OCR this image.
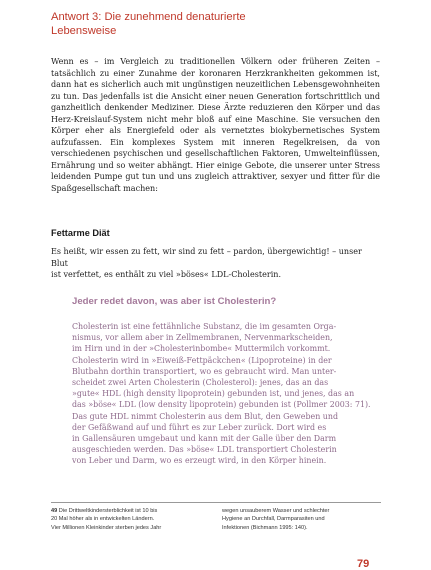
Antwort 3: Die zunehmend denaturierte
Lebensweise

Wenn es – im Vergleich zu traditionellen Völkern oder früheren Zeiten – tatsächlich zu einer Zunahme der koronaren Herzkrankheiten gekommen ist, dann hat es sicherlich auch mit ungünstigen neuzeitlichen Lebensgewohnheiten zu tun. Das jedenfalls ist die Ansicht einer neuen Generation fortschrittlich und ganzheitlich denkender Mediziner. Diese Ärzte reduzieren den Körper und das Herz-Kreislauf-System nicht mehr bloß auf eine Maschine. Sie versuchen den Körper eher als Energiefeld oder als vernetztes biokybernetisches System aufzufassen. Ein komplexes System mit inneren Regelkreisen, da von verschiedenen psychischen und gesellschaftlichen Faktoren, Umwelteinflüssen, Ernährung und so weiter abhängt. Hier einige Gebote, die unserer unter Stress leidenden Pumpe gut tun und uns zugleich attraktiver, sexyer und fitter für die Spaßgesellschaft machen:

Fettarme Diät
Es heißt, wir essen zu fett, wir sind zu fett – pardon, übergewichtig! – unser Blut
ist verfettet, es enthält zu viel »böses« LDL-Cholesterin.
Jeder redet davon, was aber ist Cholesterin?
Cholesterin ist eine fettähnliche Substanz, die im gesamten Orga-
nismus, vor allem aber in Zellmembranen, Nervenmarkscheiden,
im Hirn und in der »Cholesterinbombe« Muttermilch vorkommt.
Cholesterin wird in »Eiweiß-Fettpäckchen« (Lipoproteine) in der
Blutbahn dorthin transportiert, wo es gebraucht wird. Man unter-
scheidet zwei Arten Cholesterin (Cholesterol): jenes, das an das
»gute« HDL (high density lipoprotein) gebunden ist, und jenes, das an
das »böse« LDL (low density lipoprotein) gebunden ist (Pollmer 2003: 71).
Das gute HDL nimmt Cholesterin aus dem Blut, den Geweben und
der Gefäßwand auf und führt es zur Leber zurück. Dort wird es
in Gallensäuren umgebaut und kann mit der Galle über den Darm
ausgeschieden werden. Das »böse« LDL transportiert Cholesterin
von Leber und Darm, wo es erzeugt wird, in den Körper hinein.
49 Die Drittweltkindersterblichkeit ist 10 bis
20 Mal höher als in entwickelten Ländern.
Vier Millionen Kleinkinder sterben jedes Jahr
wegen unsauberem Wasser und schlechter
Hygiene an Durchfall, Darmparasiten und
Infektionen (Bichmann 1995: 140).
79
